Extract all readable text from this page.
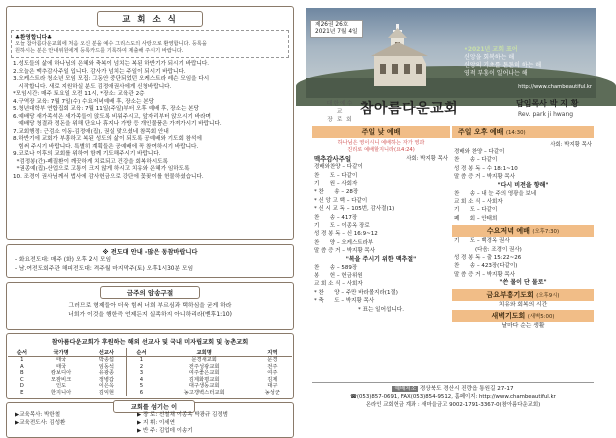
교 회 소 식
♣환영합니다♣
오늘 참아름다운교회에 처음 오신 분을 예수 그리스도의 사랑으로 환영합니다. 등록을
원하시는 분은 안내위원에게 등록카드를 기록하여 제출해 주시기 바랍니다.
1.성도들의 삶에 하나님의 은혜와 축복이 넘치는 복된 하반기가 되시기 바랍니다.
2.오늘은 맥추감사주일 입니다. 감사가 넘치는 주일이 되시기 바랍니다.
3.오케스트라 청소년 모임 모집: 그동안 중단되었던 오케스트라 레슨 모임을 다시
시작합니다. 새로 지원하실 분도 김정애권사에게 신청바랍니다.
*모임시간: 매주 토요일 오전 11시, *장소: 교육관 2층
4.구역장 교육: 7월 7일(수) 수요저녁예배 후, 장소는 본당
5.청년대학부 연합집회 교육: 7월 11일(주일)부터 오후 예배 후, 장소는 본당
6.예배당 새가족석은 새가족들이 앉도록 비워주시고, 앞자리부터 앉으시기 바라며
예배당 청결과 정돈을 위해 단요나 휴지나 가방 등 개인물품은 가져가시기 바랍니다.
7.교회행정: 근검소 이동-김정애(집), 권실 맞으셨네 참목회 안내
8.하반기에 교회가 부흥하고 복된 성도의 삶이 되도록 공예배와 기도회 참석에
힘써 주시기 바랍니다. 특별히 계획들은 공예배에 꼭 참여하시기 바랍니다.
9.코로나 이후의 교회를 위하여 함께 기도해주시기 바랍니다.
*검정봉(간)-폐질환이 깨끗하게 치료되고 건강을 회복하시도록
*권종예(집)-산업으로 고통이 크지 않게 하시고 치유와 은혜가 임하도록
10. 조경이 권사님께서 법사에 감사헌금으로 강단에 꽃꽂이를 헌물하셨습니다.
※ 전도대 안내 -많은 동참바랍니다
- 화요전도대: 매주 (화) 오후 2시 모임
- 남.여전도회주관 해피전도대: 격주월 마지막주(토) 오후1시30분 모임
금주의 암송구절
그러므로 형제들아 더욱 힘써 너희 부르심과 택하심을 굳게 하라
너희가 이것을 행한즉 언제든지 실족하지 아니하리라(벧후1:10)
참아름다운교회가 후원하는 해외 선교사 및 국내 미자립교회 및 농촌교회
순서	국가명	선교사	순서	교회명	지역
1	태국	박종섭	1	문경새교회	문경
A	태국	임동석	2	전주성광교회	전주
B	캄보디아	유광종	3	여주좋은교회	여주
C	모잠비크	정병갑	4	김제화평교회	김제
D	인도	이은옥	5	대구생동교회	대구
E	한지니아	김익현	6	농고갱벽스터교회	농성군
교회를 섬기는 이
▶교육목사: 박한철
▶교육전도사: 김성환
▶ 장 로: 신철채 이종옥 박광규 김정범
▶ 지 휘: 이세연
▶ 반 주: 김업데 이송기
제26권 26호
2021년 7월 4일
•2021년 교회 표어
신앙을 회복하는 해
신앙의 기초를 튼튼히 하는 해
영적 부흥이 일어나는 해
http://www.chambeautiful.kr
대한예수교
장 로 회
참아름다운교회	담임목사 박 지 황
Rev. park ji hwang
주일 낮 예배
하나님은 영이시니 예배하는 자가 영과
진리로 예배할지니라(요4:24)
맥추감사주일	사회: 박지황 목사
경배와찬양 – 다같이
찬      도 – 다같이
기      원 – 사회자
* 찬      송 – 28장
* 신 앙 고 백 – 다같이
* 신 시 교 독 – 105번, 감사절(1)
찬      송 – 417장
기      도 – 이종옥 장로
성 경 봉 독 – 신 16:9~12
찬      양 – 오케스트라부
말 씀 증 거 – 박지황 목사
"복을 주시기 위한 맥추절"
찬      송 – 589장
봉      헌 – 헌금위원
교 회 소 식 – 사회자
* 찬      양 – 주만 바라볼지라(1절)
* 축      도 – 박지황 목사
* 표는 일어섭니다.
주일 오후 예배 (14:30)
사회: 박지황 목사
경배와 찬양 – 다같이
찬      송 – 다같이
성 경 봉 독 – 수 18:1~10
말 씀 증 거 – 박지황 목사
"다시 비전을 향해"
찬      송 – 내 눈 주의 영광을 보네
교 회 소 식 – 사회자
기      도 – 다같이
폐      회 – 안태희
수요저녁 예배 (오후7:30)
기      도 – 백경옥 권사
(다음: 조경이 권사)
성 경 봉 독 – 출 15:22~26
찬      송 – 423장(다같이)
말 씀 증 거 – 박지황 목사
"쓴 물이 단 물로"
금요부흥기도회 (오후9시)
치유와 회복의 시간
새벽기도회 (새벽5:00)
날마다 순는 생활
예배처소 경상북도 경산시 진량읍 통원길 27-17
☎(053)857-0691, FAX(053)854-9512, 홈페이지: http://www.chambeautiful.kr
온라인 교회헌금 계좌 : 새마을금고 9002-1791-3367-0(참아름다운교회)
